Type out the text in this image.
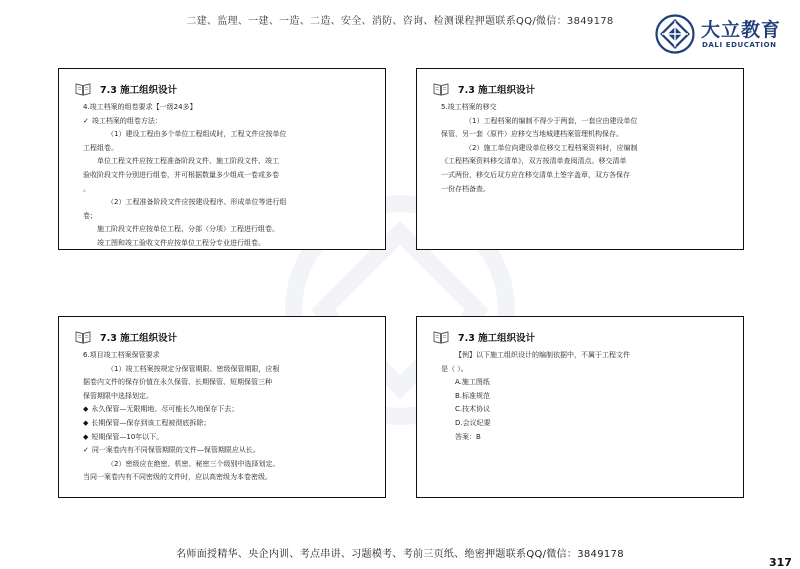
二建、监理、一建、一造、二造、安全、消防、咨询、检测课程押题联系QQ/微信：3849178	大立教育
DALI EDUCATION
7.3 施工组织设计

4.竣工档案的组卷要求【一级24多】

✓ 竣工档案的组卷方法：

（1）建设工程由多个单位工程组成时，工程文件应按单位

工程组卷。

单位工程文件应按工程准备阶段文件、施工阶段文件、竣工

验收阶段文件分别进行组卷，并可根据数量多少组成一卷或多卷

。

（2）工程准备阶段文件应按建设程序、形成单位等进行组

卷；

施工阶段文件应按单位工程、分部（分项）工程进行组卷。

竣工图和竣工验收文件应按单位工程分专业进行组卷。

7.3 施工组织设计

5.竣工档案的移交

（1）工程档案的编制不得少于两套，一套应由建设单位

保管，另一套（原件）应移交当地城建档案管理机构保存。

（2）施工单位向建设单位移交工程档案资料时，应编制

《工程档案资料移交清单》，双方按清单查阅清点。移交清单

一式两份，移交后双方应在移交清单上签字盖章，双方各保存

一份存档备查。

7.3 施工组织设计

6.项目竣工档案保管要求

（1）竣工档案按规定分保管期限、密级保管期限，应根

据卷内文件的保存价值在永久保管、长期保管、短期保管三种

保管期限中选择划定。

◆ 永久保管—无限期地、尽可能长久地保存下去；

◆ 长期保管—保存到该工程被彻底拆除；

◆ 短期保管—10年以下。

✓ 同一案卷内有不同保管期限的文件—保管期限应从长。

（2）密级应在绝密、机密、秘密三个级别中选择划定。

当同一案卷内有不同密级的文件时，应以高密级为本卷密级。

7.3 施工组织设计

【例】以下施工组织设计的编制依据中，不属于工程文件

是（ ）。

A.施工图纸

B.标准规范

C.技术协议

D.会议纪要

答案：B

名师面授精华、央企内训、考点串讲、习题模考、考前三页纸、绝密押题联系QQ/微信：3849178
317
